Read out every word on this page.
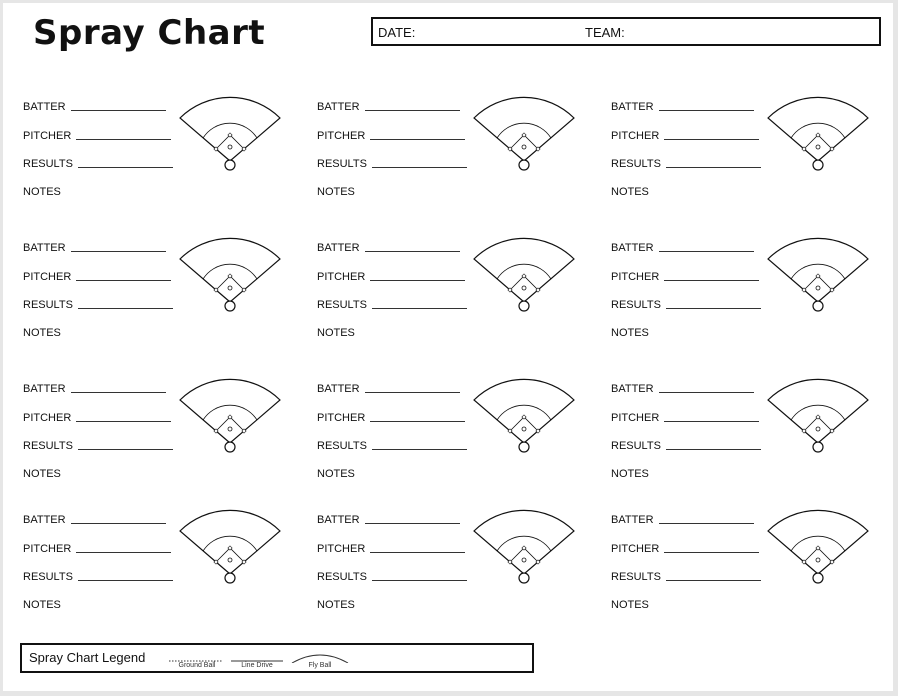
Spray Chart	DATE:	TEAM:
BATTER
PITCHER
RESULTS
NOTES
BATTER
PITCHER
RESULTS
NOTES
BATTER
PITCHER
RESULTS
NOTES
BATTER
PITCHER
RESULTS
NOTES
BATTER
PITCHER
RESULTS
NOTES
BATTER
PITCHER
RESULTS
NOTES
BATTER
PITCHER
RESULTS
NOTES
BATTER
PITCHER
RESULTS
NOTES
BATTER
PITCHER
RESULTS
NOTES
BATTER
PITCHER
RESULTS
NOTES
BATTER
PITCHER
RESULTS
NOTES
BATTER
PITCHER
RESULTS
NOTES
Spray Chart Legend
Ground Ball	Line Drive	Fly Ball
